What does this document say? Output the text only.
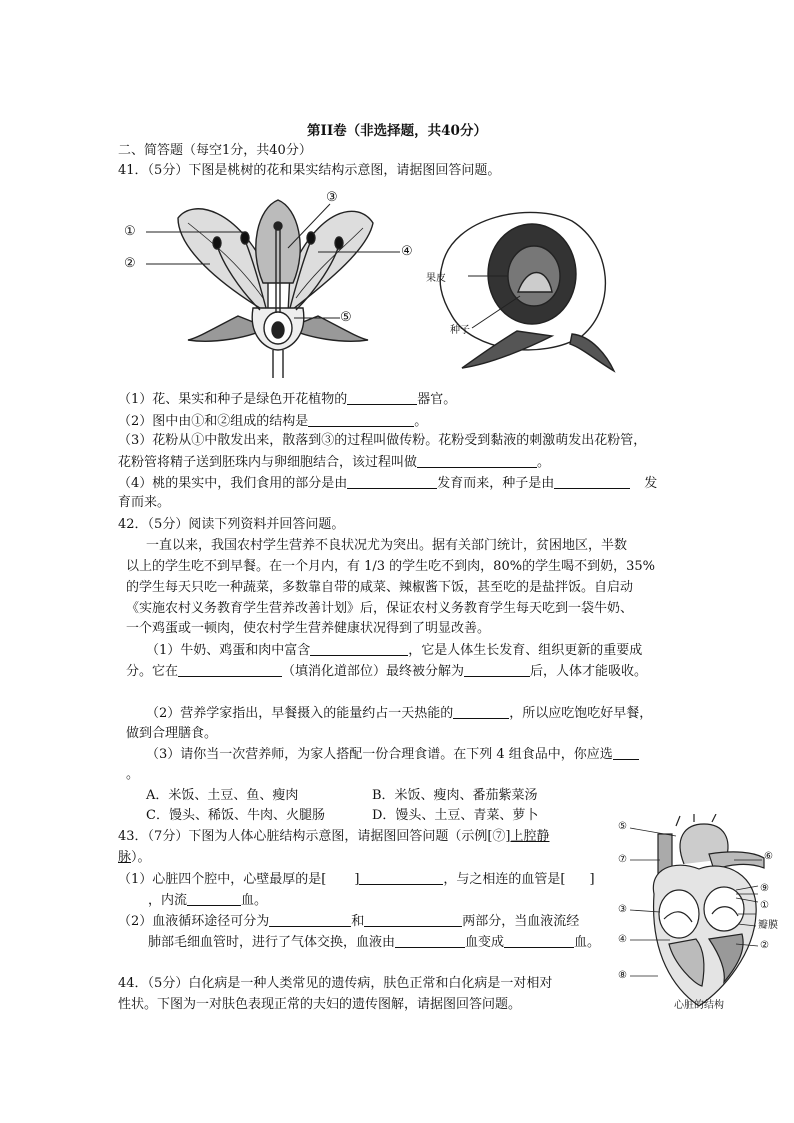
第II卷（非选择题，共40分）
二、简答题（每空1分，共40分）
41．（5分）下图是桃树的花和果实结构示意图，请据图回答问题。
①
②
③
④
⑤
果皮
种子
（1）花、果实和种子是绿色开花植物的	器官。
（2）图中由①和②组成的结构是	。
（3）花粉从①中散发出来，散落到③的过程叫做传粉。花粉受到黏液的刺激萌发出花粉管，
花粉管将精子送到胚珠内与卵细胞结合，该过程叫做	。
（4）桃的果实中，我们食用的部分是由	发育而来，种子是由	发
育而来。
42．（5分）阅读下列资料并回答问题。
一直以来，我国农村学生营养不良状况尤为突出。据有关部门统计，贫困地区，半数
以上的学生吃不到早餐。在一个月内，有 1/3 的学生吃不到肉，80%的学生喝不到奶，35%
的学生每天只吃一种蔬菜，多数靠自带的咸菜、辣椒酱下饭，甚至吃的是盐拌饭。自启动
《实施农村义务教育学生营养改善计划》后，保证农村义务教育学生每天吃到一袋牛奶、
一个鸡蛋或一顿肉，使农村学生营养健康状况得到了明显改善。
（1）牛奶、鸡蛋和肉中富含	，它是人体生长发育、组织更新的重要成
分。它在	（填消化道部位）最终被分解为	后，人体才能吸收。
（2）营养学家指出，早餐摄入的能量约占一天热能的	，所以应吃饱吃好早餐，
做到合理膳食。
（3）请你当一次营养师，为家人搭配一份合理食谱。在下列 4 组食品中，你应选
。
A．米饭、土豆、鱼、瘦肉	B．米饭、瘦肉、番茄紫菜汤
C．馒头、稀饭、牛肉、火腿肠	D．馒头、土豆、青菜、萝卜
43．（7分）下图为人体心脏结构示意图，请据图回答问题（示例[⑦]上腔静
脉）。
（1）心脏四个腔中，心壁最厚的是[ ]	，与之相连的血管是[ ]
，内流	血。
（2）血液循环途径可分为	和	两部分，当血液流经
肺部毛细血管时，进行了气体交换，血液由	血变成	血。
⑤
⑥
⑦
⑨
①
瓣膜
③
②
④
⑧
心脏的结构
44．（5分）白化病是一种人类常见的遗传病，肤色正常和白化病是一对相对
性状。下图为一对肤色表现正常的夫妇的遗传图解，请据图回答问题。
